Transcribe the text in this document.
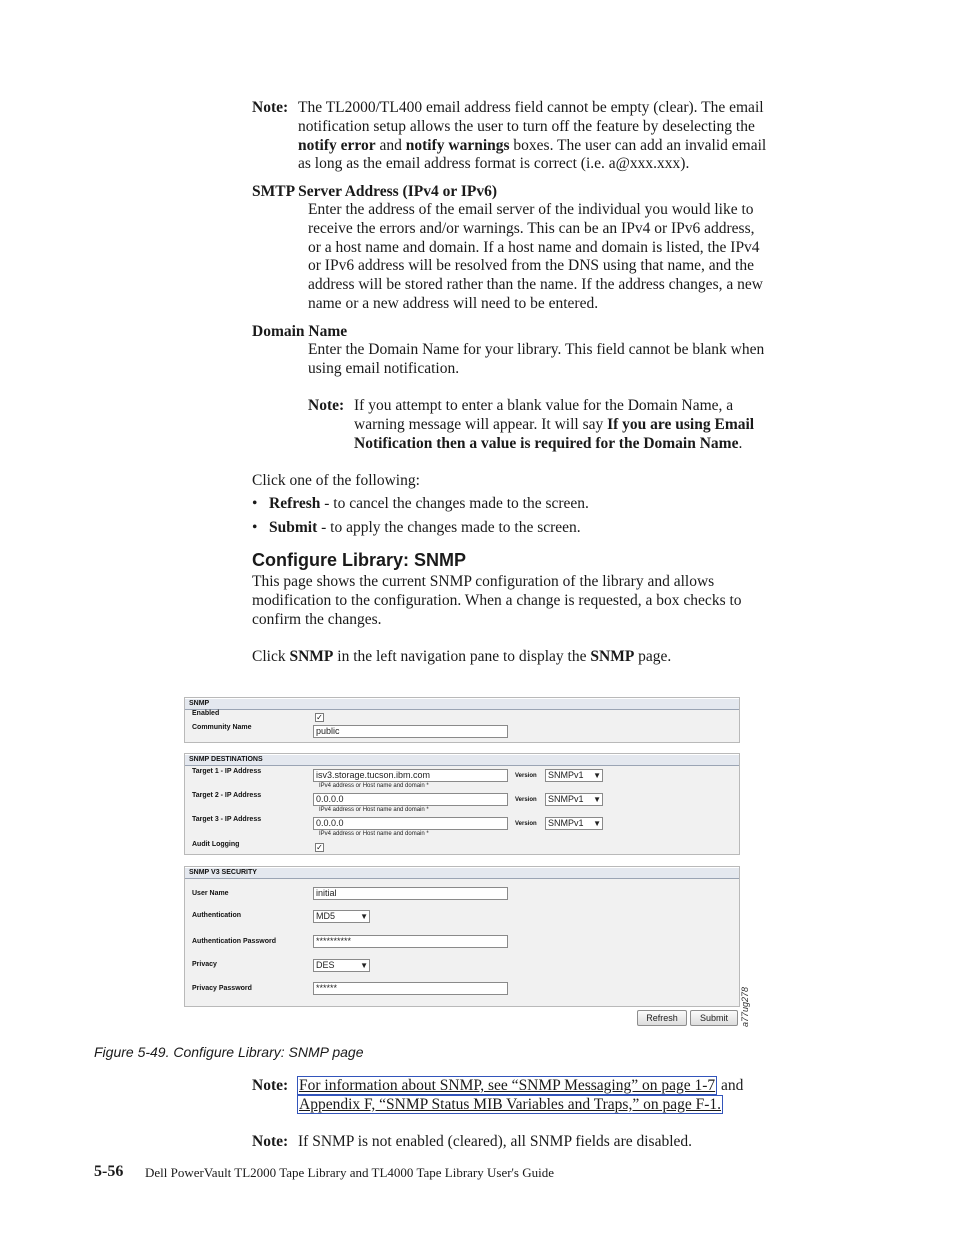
Note: The TL2000/TL400 email address field cannot be empty (clear). The email
notification setup allows the user to turn off the feature by deselecting the
notify error and notify warnings boxes. The user can add an invalid email
as long as the email address format is correct (i.e. a@xxx.xxx).
SMTP Server Address (IPv4 or IPv6)
Enter the address of the email server of the individual you would like to
receive the errors and/or warnings. This can be an IPv4 or IPv6 address,
or a host name and domain. If a host name and domain is listed, the IPv4
or IPv6 address will be resolved from the DNS using that name, and the
address will be stored rather than the name. If the address changes, a new
name or a new address will need to be entered.
Domain Name
Enter the Domain Name for your library. This field cannot be blank when
using email notification.
Note: If you attempt to enter a blank value for the Domain Name, a
warning message will appear. It will say If you are using Email
Notification then a value is required for the Domain Name.
Click one of the following:
• Refresh - to cancel the changes made to the screen.
• Submit - to apply the changes made to the screen.
Configure Library: SNMP
This page shows the current SNMP configuration of the library and allows
modification to the configuration. When a change is requested, a box checks to
confirm the changes.
Click SNMP in the left navigation pane to display the SNMP page.
SNMP
Enabled	✓
Community Name	public
SNMP DESTINATIONS
Target 1 - IP Address	isv3.storage.tucson.ibm.com
IPv4 address or Host name and domain *
Version	SNMPv1 ▼
Target 2 - IP Address	0.0.0.0
IPv4 address or Host name and domain *
Version	SNMPv1 ▼
Target 3 - IP Address	0.0.0.0
IPv4 address or Host name and domain *
Version	SNMPv1 ▼
Audit Logging	✓
SNMP V3 SECURITY
User Name	initial
Authentication	MD5	▼
Authentication Password	**********
Privacy	DES	▼
Privacy Password	******
Refresh	Submit	a77ug278
Figure 5-49. Configure Library: SNMP page
Note: For information about SNMP, see “SNMP Messaging” on page 1-7 and
Appendix F, “SNMP Status MIB Variables and Traps,” on page F-1.
Note: If SNMP is not enabled (cleared), all SNMP fields are disabled.
5-56 Dell PowerVault TL2000 Tape Library and TL4000 Tape Library User's Guide
